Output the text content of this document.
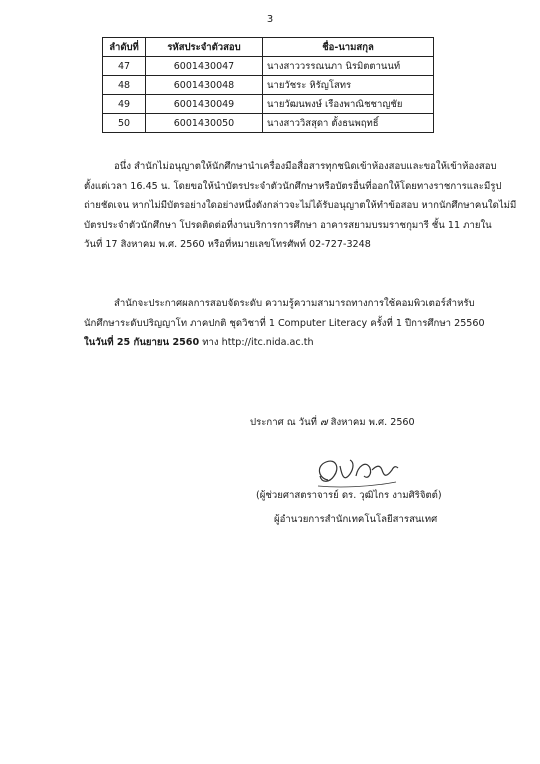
3
ลำดับที่	รหัสประจำตัวสอบ	ชื่อ-นามสกุล
47	6001430047	นางสาววรรณนภา นิรมิตตานนท์
48	6001430048	นายวัชระ หิรัญโสทร
49	6001430049	นายวัฒนพงษ์ เรืองพาณิชชาญชัย
50	6001430050	นางสาววิสสุดา ตั้งธนพฤทธิ์
อนึ่ง สำนักไม่อนุญาตให้นักศึกษานำเครื่องมือสื่อสารทุกชนิดเข้าห้องสอบและขอให้เข้าห้องสอบ
ตั้งแต่เวลา 16.45 น. โดยขอให้นำบัตรประจำตัวนักศึกษาหรือบัตรอื่นที่ออกให้โดยทางราชการและมีรูป
ถ่ายชัดเจน หากไม่มีบัตรอย่างใดอย่างหนึ่งดังกล่าวจะไม่ได้รับอนุญาตให้ทำข้อสอบ หากนักศึกษาคนใดไม่มี
บัตรประจำตัวนักศึกษา โปรดติดต่อที่งานบริการการศึกษา อาคารสยามบรมราชกุมารี ชั้น 11 ภายใน
วันที่ 17 สิงหาคม พ.ศ. 2560 หรือที่หมายเลขโทรศัพท์ 02-727-3248
สำนักจะประกาศผลการสอบจัดระดับ ความรู้ความสามารถทางการใช้คอมพิวเตอร์สำหรับ
นักศึกษาระดับปริญญาโท ภาคปกติ ชุดวิชาที่ 1 Computer Literacy ครั้งที่ 1 ปีการศึกษา 25560
ในวันที่ 25 กันยายน 2560 ทาง http://itc.nida.ac.th
ประกาศ ณ วันที่ ๗ สิงหาคม พ.ศ. 2560
(ผู้ช่วยศาสตราจารย์ ดร. วุฒิไกร งามศิริจิตต์)
ผู้อำนวยการสำนักเทคโนโลยีสารสนเทศ
